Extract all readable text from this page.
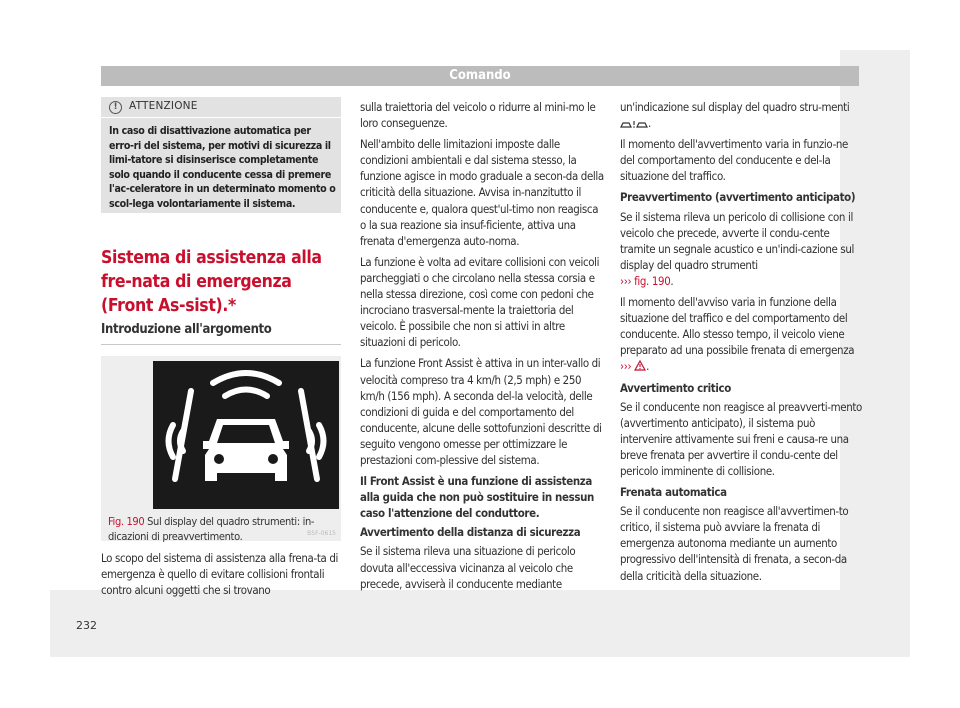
Comando
!	ATTENZIONE
In caso di disattivazione automatica per erro-ri del sistema, per motivi di sicurezza il limi-tatore si disinserisce completamente solo quando il conducente cessa di premere l'ac-celeratore in un determinato momento o scol-lega volontariamente il sistema.
Sistema di assistenza alla fre-nata di emergenza (Front As-sist).*
Introduzione all'argomento
B5F-0615
Fig. 190 Sul display del quadro strumenti: in-dicazioni di preavvertimento.

Lo scopo del sistema di assistenza alla frena-ta di emergenza è quello di evitare collisioni frontali contro alcuni oggetti che si trovano

sulla traiettoria del veicolo o ridurre al mini-mo le loro conseguenze.

Nell'ambito delle limitazioni imposte dalle condizioni ambientali e dal sistema stesso, la funzione agisce in modo graduale a secon-da della criticità della situazione. Avvisa in-nanzitutto il conducente e, qualora quest'ul-timo non reagisca o la sua reazione sia insuf-ficiente, attiva una frenata d'emergenza auto-noma.

La funzione è volta ad evitare collisioni con veicoli parcheggiati o che circolano nella stessa corsia e nella stessa direzione, così come con pedoni che incrociano trasversal-mente la traiettoria del veicolo. È possibile che non si attivi in altre situazioni di pericolo.

La funzione Front Assist è attiva in un inter-vallo di velocità compreso tra 4 km/h (2,5 mph) e 250 km/h (156 mph). A seconda del-la velocità, delle condizioni di guida e del comportamento del conducente, alcune delle sottofunzioni descritte di seguito vengono omesse per ottimizzare le prestazioni com-plessive del sistema.

Il Front Assist è una funzione di assistenza alla guida che non può sostituire in nessun caso l'attenzione del conduttore.

Avvertimento della distanza di sicurezza

Se il sistema rileva una situazione di pericolo dovuta all'eccessiva vicinanza al veicolo che precede, avviserà il conducente mediante

un'indicazione sul display del quadro stru-menti .

Il momento dell'avvertimento varia in funzio-ne del comportamento del conducente e del-la situazione del traffico.

Preavvertimento (avvertimento anticipato)

Se il sistema rileva un pericolo di collisione con il veicolo che precede, avverte il condu-cente tramite un segnale acustico e un'indi-cazione sul display del quadro strumenti
››› fig. 190.

Il momento dell'avviso varia in funzione della situazione del traffico e del comportamento del conducente. Allo stesso tempo, il veicolo viene preparato ad una possibile frenata di emergenza ››› .

Avvertimento critico

Se il conducente non reagisce al preavverti-mento (avvertimento anticipato), il sistema può intervenire attivamente sui freni e causa-re una breve frenata per avvertire il condu-cente del pericolo imminente di collisione.

Frenata automatica

Se il conducente non reagisce all'avvertimen-to critico, il sistema può avviare la frenata di emergenza autonoma mediante un aumento progressivo dell'intensità di frenata, a secon-da della criticità della situazione.

232
